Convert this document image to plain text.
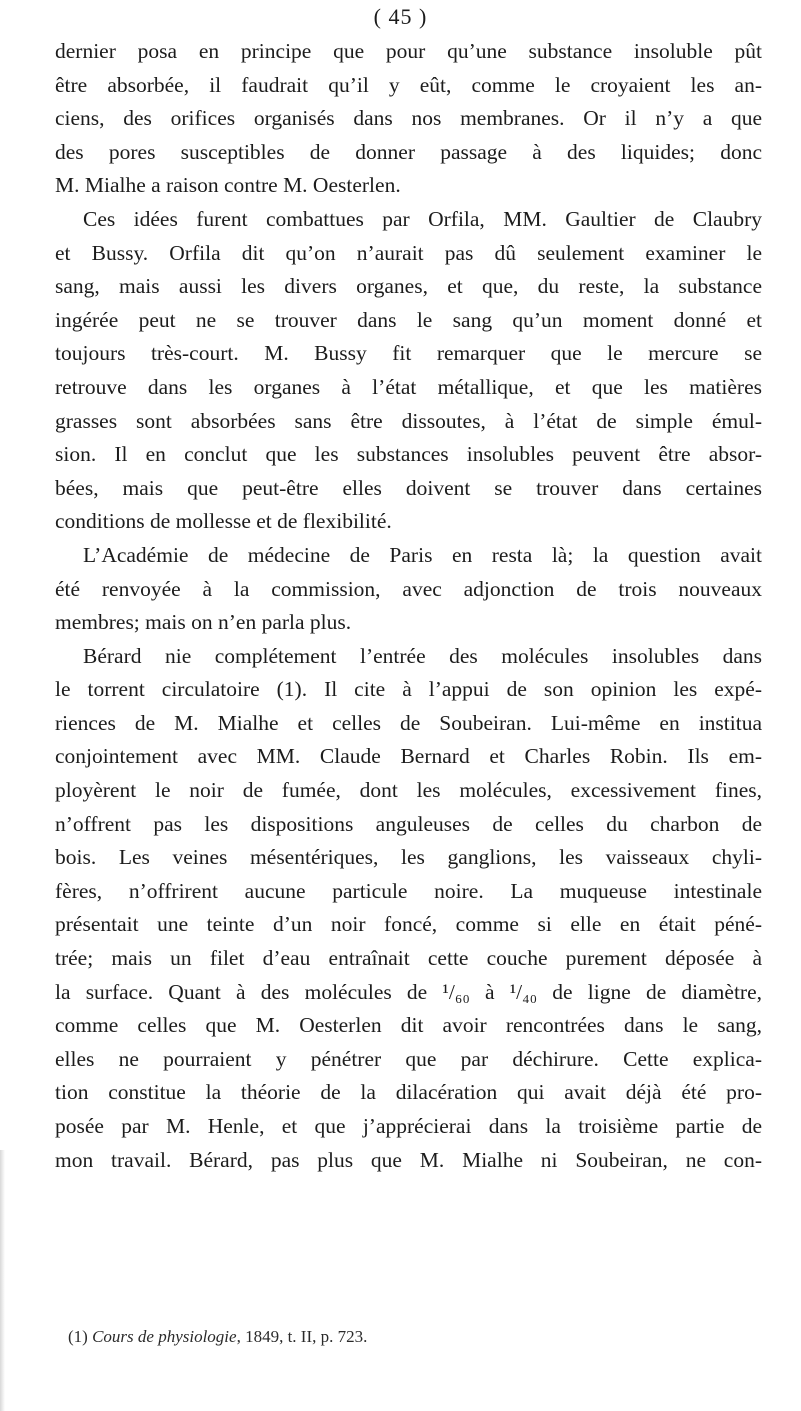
( 45 )
dernier posa en principe que pour qu’une substance insoluble pût
être absorbée, il faudrait qu’il y eût, comme le croyaient les an-
ciens, des orifices organisés dans nos membranes. Or il n’y a que
des pores susceptibles de donner passage à des liquides; donc
M. Mialhe a raison contre M. Oesterlen.
Ces idées furent combattues par Orfila, MM. Gaultier de Claubry
et Bussy. Orfila dit qu’on n’aurait pas dû seulement examiner le
sang, mais aussi les divers organes, et que, du reste, la substance
ingérée peut ne se trouver dans le sang qu’un moment donné et
toujours très-court. M. Bussy fit remarquer que le mercure se
retrouve dans les organes à l’état métallique, et que les matières
grasses sont absorbées sans être dissoutes, à l’état de simple émul-
sion. Il en conclut que les substances insolubles peuvent être absor-
bées, mais que peut-être elles doivent se trouver dans certaines
conditions de mollesse et de flexibilité.
L’Académie de médecine de Paris en resta là; la question avait
été renvoyée à la commission, avec adjonction de trois nouveaux
membres; mais on n’en parla plus.
Bérard nie complétement l’entrée des molécules insolubles dans
le torrent circulatoire (1). Il cite à l’appui de son opinion les expé-
riences de M. Mialhe et celles de Soubeiran. Lui-même en institua
conjointement avec MM. Claude Bernard et Charles Robin. Ils em-
ployèrent le noir de fumée, dont les molécules, excessivement fines,
n’offrent pas les dispositions anguleuses de celles du charbon de
bois. Les veines mésentériques, les ganglions, les vaisseaux chyli-
fères, n’offrirent aucune particule noire. La muqueuse intestinale
présentait une teinte d’un noir foncé, comme si elle en était péné-
trée; mais un filet d’eau entraînait cette couche purement déposée à
la surface. Quant à des molécules de ¹/₆₀ à ¹/₄₀ de ligne de diamètre,
comme celles que M. Oesterlen dit avoir rencontrées dans le sang,
elles ne pourraient y pénétrer que par déchirure. Cette explica-
tion constitue la théorie de la dilacération qui avait déjà été pro-
posée par M. Henle, et que j’apprécierai dans la troisième partie de
mon travail. Bérard, pas plus que M. Mialhe ni Soubeiran, ne con-
(1) Cours de physiologie, 1849, t. II, p. 723.
